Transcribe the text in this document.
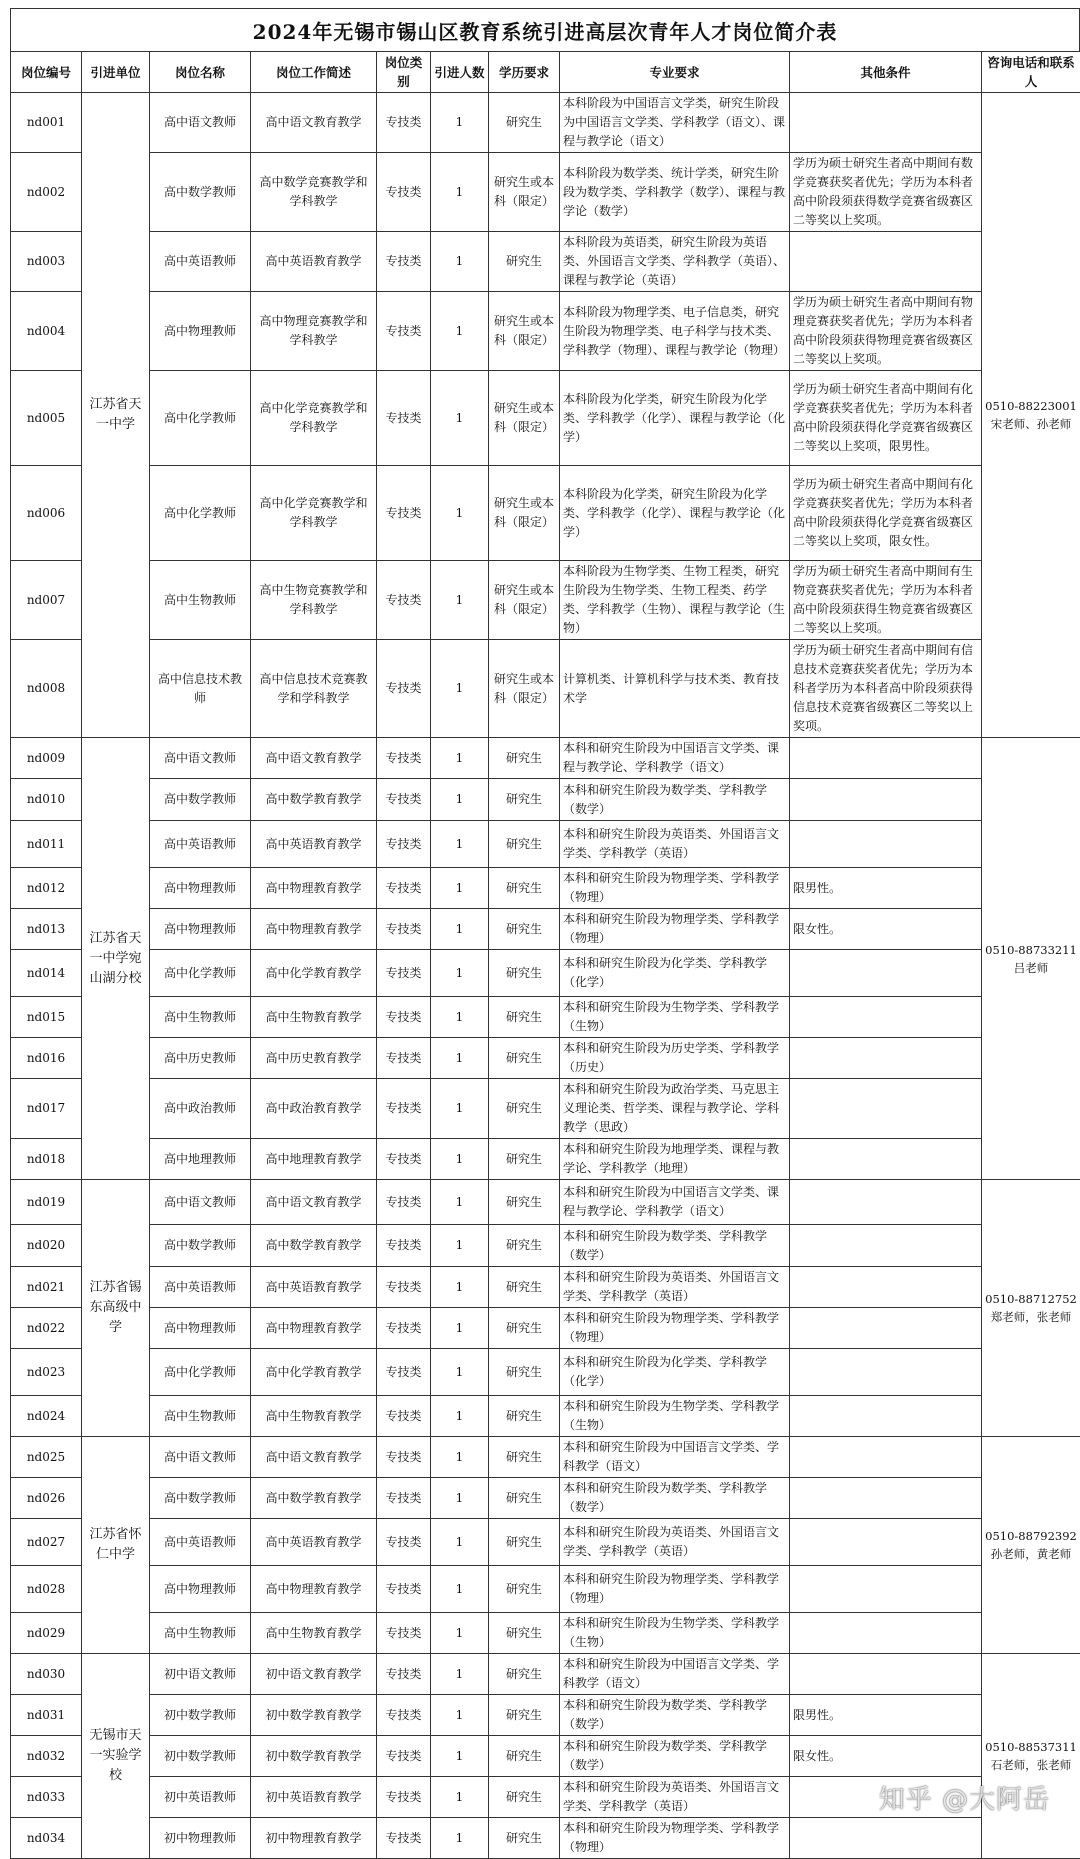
2024年无锡市锡山区教育系统引进高层次青年人才岗位简介表
岗位编号	引进单位	岗位名称	岗位工作简述	岗位类别	引进人数	学历要求	专业要求	其他条件	咨询电话和联系人
nd001	江苏省天一中学	高中语文教师	高中语文教育教学	专技类	1	研究生	本科阶段为中国语言文学类，研究生阶段为中国语言文学类、学科教学（语文）、课程与教学论（语文）		0510-88223001 宋老师、孙老师
nd002		高中数学教师	高中数学竞赛教学和学科教学	专技类	1	研究生或本科（限定）	本科阶段为数学类、统计学类，研究生阶段为数学类、学科教学（数学）、课程与教学论（数学）	学历为硕士研究生者高中期间有数学竞赛获奖者优先；学历为本科者高中阶段须获得数学竞赛省级赛区二等奖以上奖项。	
nd003		高中英语教师	高中英语教育教学	专技类	1	研究生	本科阶段为英语类，研究生阶段为英语类、外国语言文学类、学科教学（英语）、课程与教学论（英语）		
nd004		高中物理教师	高中物理竞赛教学和学科教学	专技类	1	研究生或本科（限定）	本科阶段为物理学类、电子信息类，研究生阶段为物理学类、电子科学与技术类、学科教学（物理）、课程与教学论（物理）	学历为硕士研究生者高中期间有物理竞赛获奖者优先；学历为本科者高中阶段须获得物理竞赛省级赛区二等奖以上奖项。	
nd005		高中化学教师	高中化学竞赛教学和学科教学	专技类	1	研究生或本科（限定）	本科阶段为化学类，研究生阶段为化学类、学科教学（化学）、课程与教学论（化学）	学历为硕士研究生者高中期间有化学竞赛获奖者优先；学历为本科者高中阶段须获得化学竞赛省级赛区二等奖以上奖项，限男性。	
nd006		高中化学教师	高中化学竞赛教学和学科教学	专技类	1	研究生或本科（限定）	本科阶段为化学类，研究生阶段为化学类、学科教学（化学）、课程与教学论（化学）	学历为硕士研究生者高中期间有化学竞赛获奖者优先；学历为本科者高中阶段须获得化学竞赛省级赛区二等奖以上奖项，限女性。	
nd007		高中生物教师	高中生物竞赛教学和学科教学	专技类	1	研究生或本科（限定）	本科阶段为生物学类、生物工程类，研究生阶段为生物学类、生物工程类、药学类、学科教学（生物）、课程与教学论（生物）	学历为硕士研究生者高中期间有生物竞赛获奖者优先；学历为本科者高中阶段须获得生物竞赛省级赛区二等奖以上奖项。	
nd008		高中信息技术教师	高中信息技术竞赛教学和学科教学	专技类	1	研究生或本科（限定）	计算机类、计算机科学与技术类、教育技术学	学历为硕士研究生者高中期间有信息技术竞赛获奖者优先；学历为本科者学历为本科者高中阶段须获得信息技术竞赛省级赛区二等奖以上奖项。	
nd009	江苏省天一中学宛山湖分校	高中语文教师	高中语文教育教学	专技类	1	研究生	本科和研究生阶段为中国语言文学类、课程与教学论、学科教学（语文）		0510-88733211 吕老师
nd010		高中数学教师	高中数学教育教学	专技类	1	研究生	本科和研究生阶段为数学类、学科教学（数学）		
nd011		高中英语教师	高中英语教育教学	专技类	1	研究生	本科和研究生阶段为英语类、外国语言文学类、学科教学（英语）		
nd012		高中物理教师	高中物理教育教学	专技类	1	研究生	本科和研究生阶段为物理学类、学科教学（物理）	限男性。	
nd013		高中物理教师	高中物理教育教学	专技类	1	研究生	本科和研究生阶段为物理学类、学科教学（物理）	限女性。	
nd014		高中化学教师	高中化学教育教学	专技类	1	研究生	本科和研究生阶段为化学类、学科教学（化学）		
nd015		高中生物教师	高中生物教育教学	专技类	1	研究生	本科和研究生阶段为生物学类、学科教学（生物）		
nd016		高中历史教师	高中历史教育教学	专技类	1	研究生	本科和研究生阶段为历史学类、学科教学（历史）		
nd017		高中政治教师	高中政治教育教学	专技类	1	研究生	本科和研究生阶段为政治学类、马克思主义理论类、哲学类、课程与教学论、学科教学（思政）		
nd018		高中地理教师	高中地理教育教学	专技类	1	研究生	本科和研究生阶段为地理学类、课程与教学论、学科教学（地理）		
nd019	江苏省锡东高级中学	高中语文教师	高中语文教育教学	专技类	1	研究生	本科和研究生阶段为中国语言文学类、课程与教学论、学科教学（语文）		0510-88712752 郑老师，张老师
nd020		高中数学教师	高中数学教育教学	专技类	1	研究生	本科和研究生阶段为数学类、学科教学（数学）		
nd021		高中英语教师	高中英语教育教学	专技类	1	研究生	本科和研究生阶段为英语类、外国语言文学类、学科教学（英语）		
nd022		高中物理教师	高中物理教育教学	专技类	1	研究生	本科和研究生阶段为物理学类、学科教学（物理）		
nd023		高中化学教师	高中化学教育教学	专技类	1	研究生	本科和研究生阶段为化学类、学科教学（化学）		
nd024		高中生物教师	高中生物教育教学	专技类	1	研究生	本科和研究生阶段为生物学类、学科教学（生物）		
nd025	江苏省怀仁中学	高中语文教师	高中语文教育教学	专技类	1	研究生	本科和研究生阶段为中国语言文学类、学科教学（语文）		0510-88792392 孙老师，黄老师
nd026		高中数学教师	高中数学教育教学	专技类	1	研究生	本科和研究生阶段为数学类、学科教学（数学）		
nd027		高中英语教师	高中英语教育教学	专技类	1	研究生	本科和研究生阶段为英语类、外国语言文学类、学科教学（英语）		
nd028		高中物理教师	高中物理教育教学	专技类	1	研究生	本科和研究生阶段为物理学类、学科教学（物理）		
nd029		高中生物教师	高中生物教育教学	专技类	1	研究生	本科和研究生阶段为生物学类、学科教学（生物）		
nd030	无锡市天一实验学校	初中语文教师	初中语文教育教学	专技类	1	研究生	本科和研究生阶段为中国语言文学类、学科教学（语文）		0510-88537311 石老师，张老师
nd031		初中数学教师	初中数学教育教学	专技类	1	研究生	本科和研究生阶段为数学类、学科教学（数学）	限男性。	
nd032		初中数学教师	初中数学教育教学	专技类	1	研究生	本科和研究生阶段为数学类、学科教学（数学）	限女性。	
nd033		初中英语教师	初中英语教育教学	专技类	1	研究生	本科和研究生阶段为英语类、外国语言文学类、学科教学（英语）		
nd034		初中物理教师	初中物理教育教学	专技类	1	研究生	本科和研究生阶段为物理学类、学科教学（物理）		
知乎 @大阿岳
